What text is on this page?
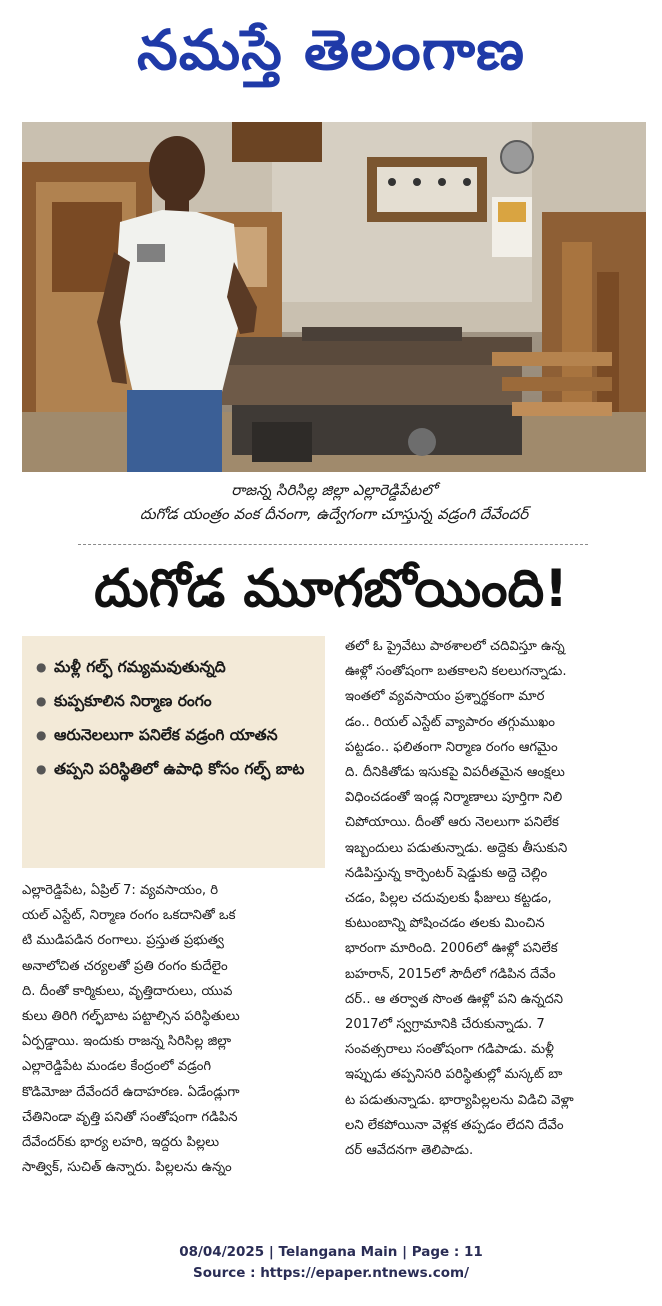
నమస్తే తెలంగాణ
రాజన్న సిరిసిల్ల జిల్లా ఎల్లారెడ్డిపేటలో
దుగోడ యంత్రం వంక దీనంగా, ఉద్వేగంగా చూస్తున్న వడ్రంగి దేవేందర్
దుగోడ మూగబోయింది!
● మళ్లీ గల్ఫ్ గమ్యమవుతున్నది
● కుప్పకూలిన నిర్మాణ రంగం
● ఆరునెలలుగా పనిలేక వడ్రంగి యాతన
● తప్పని పరిస్థితిలో ఉపాధి కోసం గల్ఫ్ బాట
ఎల్లారెడ్డిపేట, ఏప్రిల్ 7: వ్యవసాయం, రి
యల్ ఎస్టేట్, నిర్మాణ రంగం ఒకదానితో ఒక
టి ముడిపడిన రంగాలు. ప్రస్తుత ప్రభుత్వ
అనాలోచిత చర్యలతో ప్రతి రంగం కుదేలైం
ది. దీంతో కార్మికులు, వృత్తిదారులు, యువ
కులు తిరిగి గల్ఫ్‌బాట పట్టాల్సిన పరిస్థితులు
ఏర్పడ్డాయి. ఇందుకు రాజన్న సిరిసిల్ల జిల్లా
ఎల్లారెడ్డిపేట మండల కేంద్రంలో వడ్రంగి
కొడిమోజు దేవేందరే ఉదాహరణ. ఏడేండ్లుగా
చేతినిండా వృత్తి పనితో సంతోషంగా గడిపిన
దేవేందర్‌కు భార్య లహరి, ఇద్దరు పిల్లలు
సాత్విక్, సుచిత్ ఉన్నారు. పిల్లలను ఉన్నం
తలో ఓ ప్రైవేటు పాఠశాలలో చదివిస్తూ ఉన్న
ఊళ్లో సంతోషంగా బతకాలని కలలుగన్నాడు.
ఇంతలో వ్యవసాయం ప్రశ్నార్థకంగా మార
డం.. రియల్ ఎస్టేట్ వ్యాపారం తగ్గుముఖం
పట్టడం.. ఫలితంగా నిర్మాణ రంగం ఆగమైం
ది. దీనికితోడు ఇసుకపై విపరీతమైన ఆంక్షలు
విధించడంతో ఇండ్ల నిర్మాణాలు పూర్తిగా నిలి
చిపోయాయి. దీంతో ఆరు నెలలుగా పనిలేక
ఇబ్బందులు పడుతున్నాడు. అద్దెకు తీసుకుని
నడిపిస్తున్న కార్పెంటర్ షెడ్డుకు అద్దె చెల్లిం
చడం, పిల్లల చదువులకు ఫీజులు కట్టడం,
కుటుంబాన్ని పోషించడం తలకు మించిన
భారంగా మారింది. 2006లో ఊళ్లో పనిలేక
బహరాన్, 2015లో సౌదీలో గడిపిన దేవేం
దర్.. ఆ తర్వాత సొంత ఊళ్లో పని ఉన్నదని
2017లో స్వగ్రామానికి చేరుకున్నాడు. 7
సంవత్సరాలు సంతోషంగా గడిపాడు. మళ్లీ
ఇప్పుడు తప్పనిసరి పరిస్థితుల్లో మస్కట్ బా
ట పడుతున్నాడు. భార్యాపిల్లలను విడిచి వెళ్లా
లని లేకపోయినా వెళ్లక తప్పడం లేదని దేవేం
దర్ ఆవేదనగా తెలిపాడు.
08/04/2025 | Telangana Main | Page : 11
Source : https://epaper.ntnews.com/
